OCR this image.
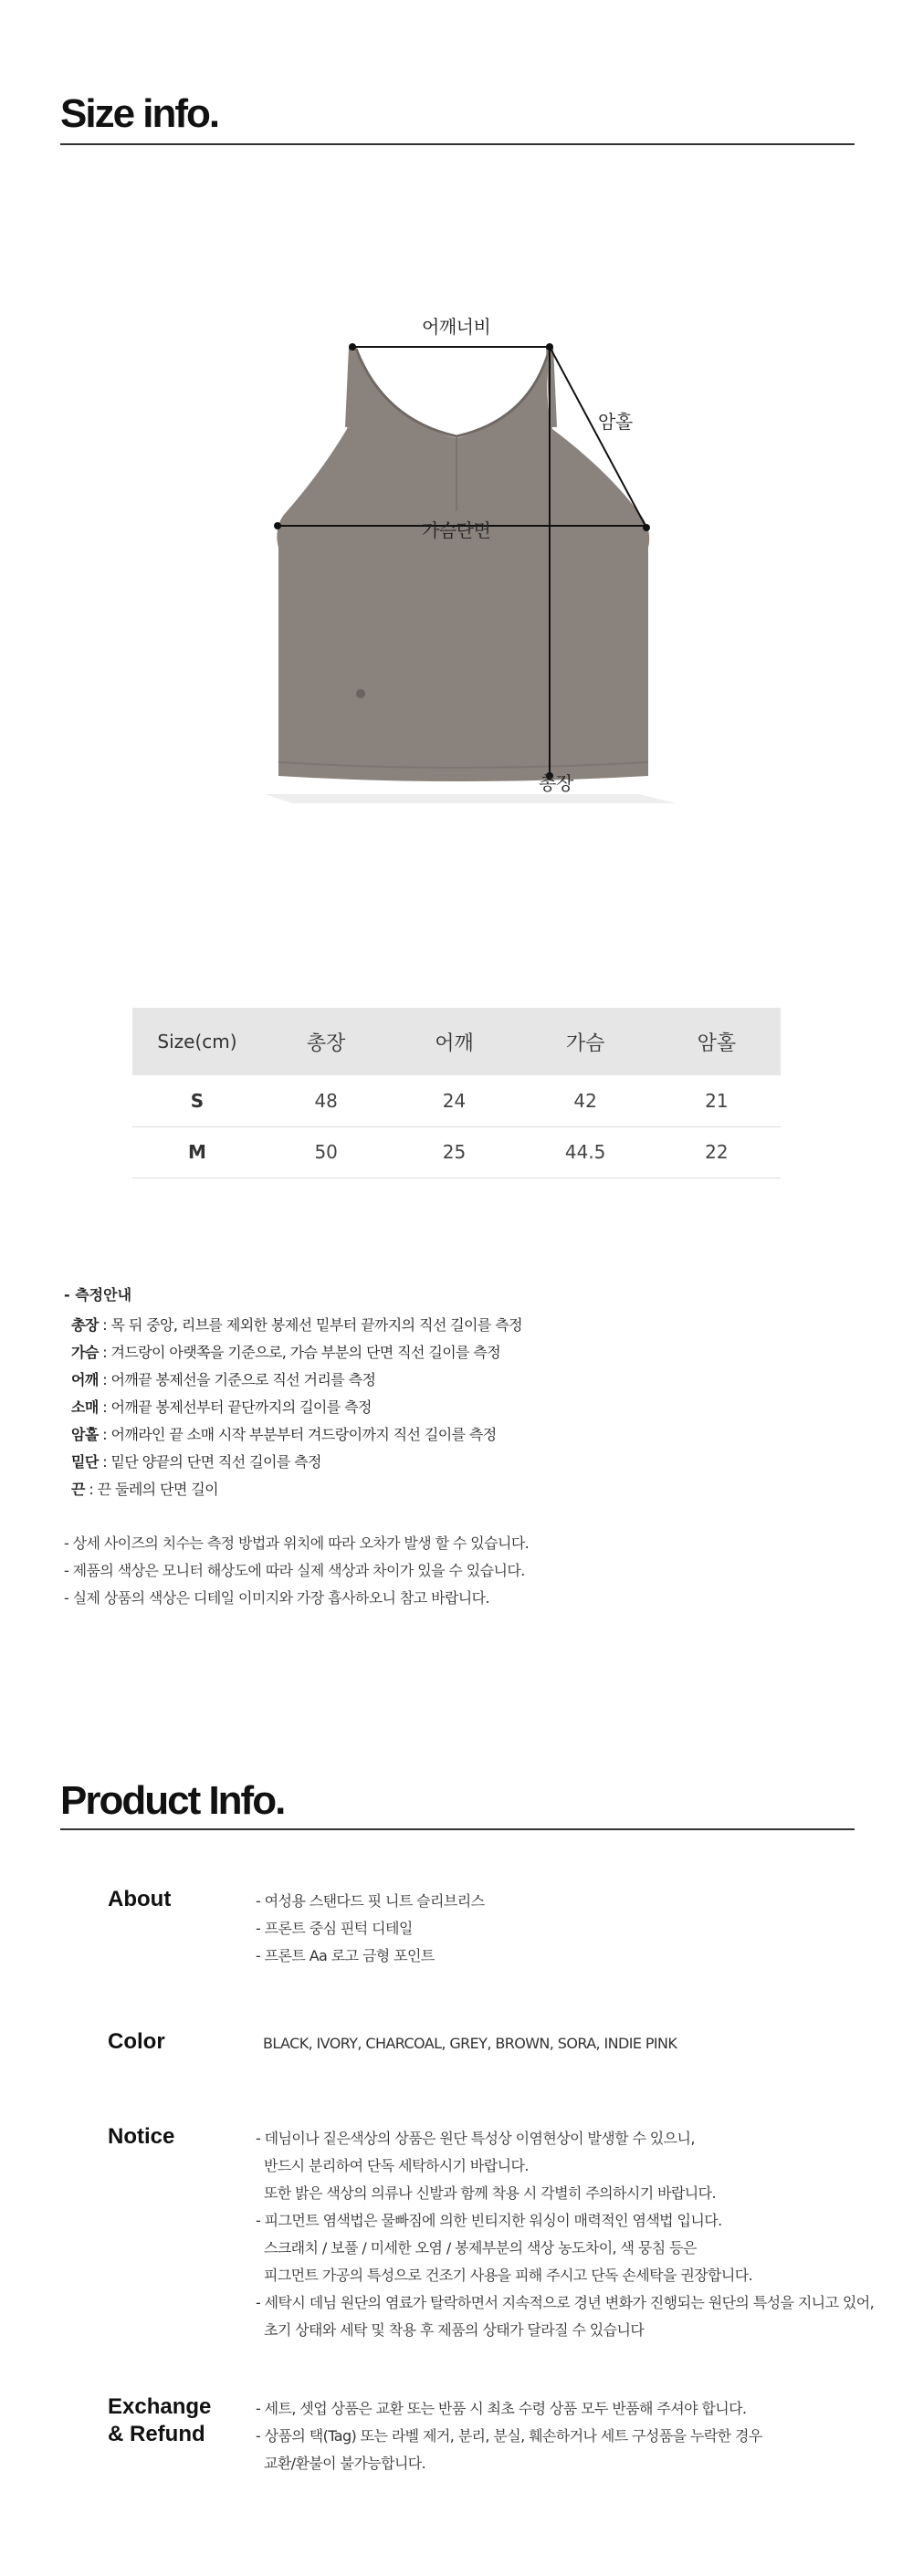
Size info.
어깨너비
암홀
가슴단면
총장
Size(cm)	총장	어깨	가슴	암홀
S	48	24	42	21
M	50	25	44.5	22
- 측정안내
총장 : 목 뒤 중앙, 리브를 제외한 봉제선 밑부터 끝까지의 직선 길이를 측정
가슴 : 겨드랑이 아랫쪽을 기준으로, 가슴 부분의 단면 직선 길이를 측정
어깨 : 어깨끝 봉제선을 기준으로 직선 거리를 측정
소매 : 어깨끝 봉제선부터 끝단까지의 길이를 측정
암홀 : 어깨라인 끝 소매 시작 부분부터 겨드랑이까지 직선 길이를 측정
밑단 : 밑단 양끝의 단면 직선 길이를 측정
끈 : 끈 둘레의 단면 길이
- 상세 사이즈의 치수는 측정 방법과 위치에 따라 오차가 발생 할 수 있습니다.
- 제품의 색상은 모니터 해상도에 따라 실제 색상과 차이가 있을 수 있습니다.
- 실제 상품의 색상은 디테일 이미지와 가장 흡사하오니 참고 바랍니다.
Product Info.
About	- 여성용 스탠다드 핏 니트 슬리브리스
- 프론트 중심 핀턱 디테일
- 프론트 Aa 로고 금형 포인트
Color	BLACK, IVORY, CHARCOAL, GREY, BROWN, SORA, INDIE PINK
Notice	- 데님이나 짙은색상의 상품은 원단 특성상 이염현상이 발생할 수 있으니,
반드시 분리하여 단독 세탁하시기 바랍니다.
또한 밝은 색상의 의류나 신발과 함께 착용 시 각별히 주의하시기 바랍니다.
- 피그먼트 염색법은 물빠짐에 의한 빈티지한 워싱이 매력적인 염색법 입니다.
스크래치 / 보풀 / 미세한 오염 / 봉제부분의 색상 농도차이, 색 뭉침 등은
피그먼트 가공의 특성으로 건조기 사용을 피해 주시고 단독 손세탁을 권장합니다.
- 세탁시 데님 원단의 염료가 탈락하면서 지속적으로 경년 변화가 진행되는 원단의 특성을 지니고 있어,
초기 상태와 세탁 및 착용 후 제품의 상태가 달라질 수 있습니다
Exchange
& Refund
- 세트, 셋업 상품은 교환 또는 반품 시 최초 수령 상품 모두 반품해 주셔야 합니다.
- 상품의 택(Tag) 또는 라벨 제거, 분리, 분실, 훼손하거나 세트 구성품을 누락한 경우
교환/환불이 불가능합니다.
